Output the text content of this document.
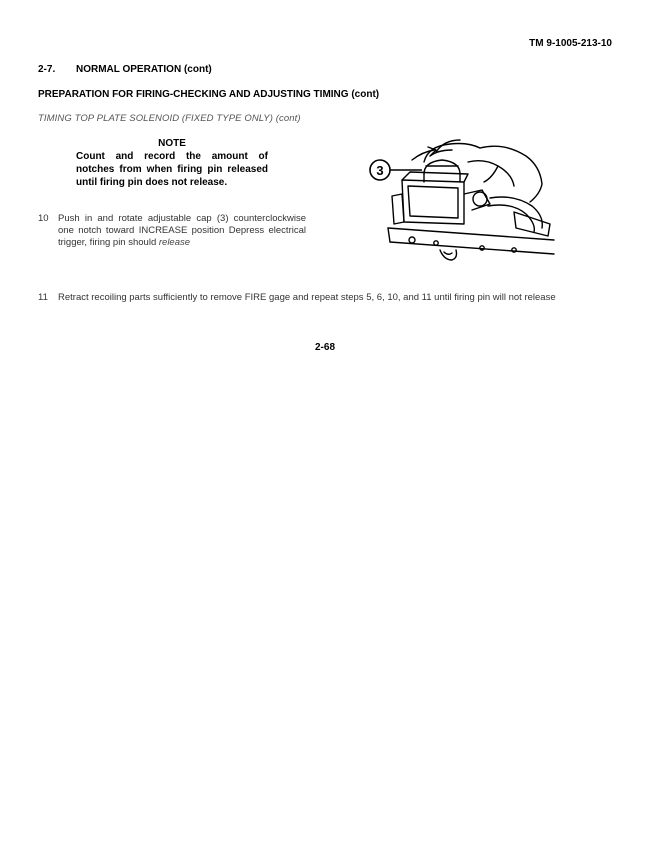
TM 9-1005-213-10
2-7. NORMAL OPERATION (cont)
PREPARATION FOR FIRING-CHECKING AND ADJUSTING TIMING (cont)
TIMING TOP PLATE SOLENOID (FIXED TYPE ONLY) (cont)
NOTE
Count and record the amount of notches from when firing pin released until firing pin does not release.
10 Push in and rotate adjustable cap (3) counterclockwise one notch toward INCREASE position Depress electrical trigger, firing pin should release
11	Retract recoiling parts sufficiently to remove FIRE gage and repeat steps 5, 6, 10, and 11 until firing pin will not release
3
2-68
